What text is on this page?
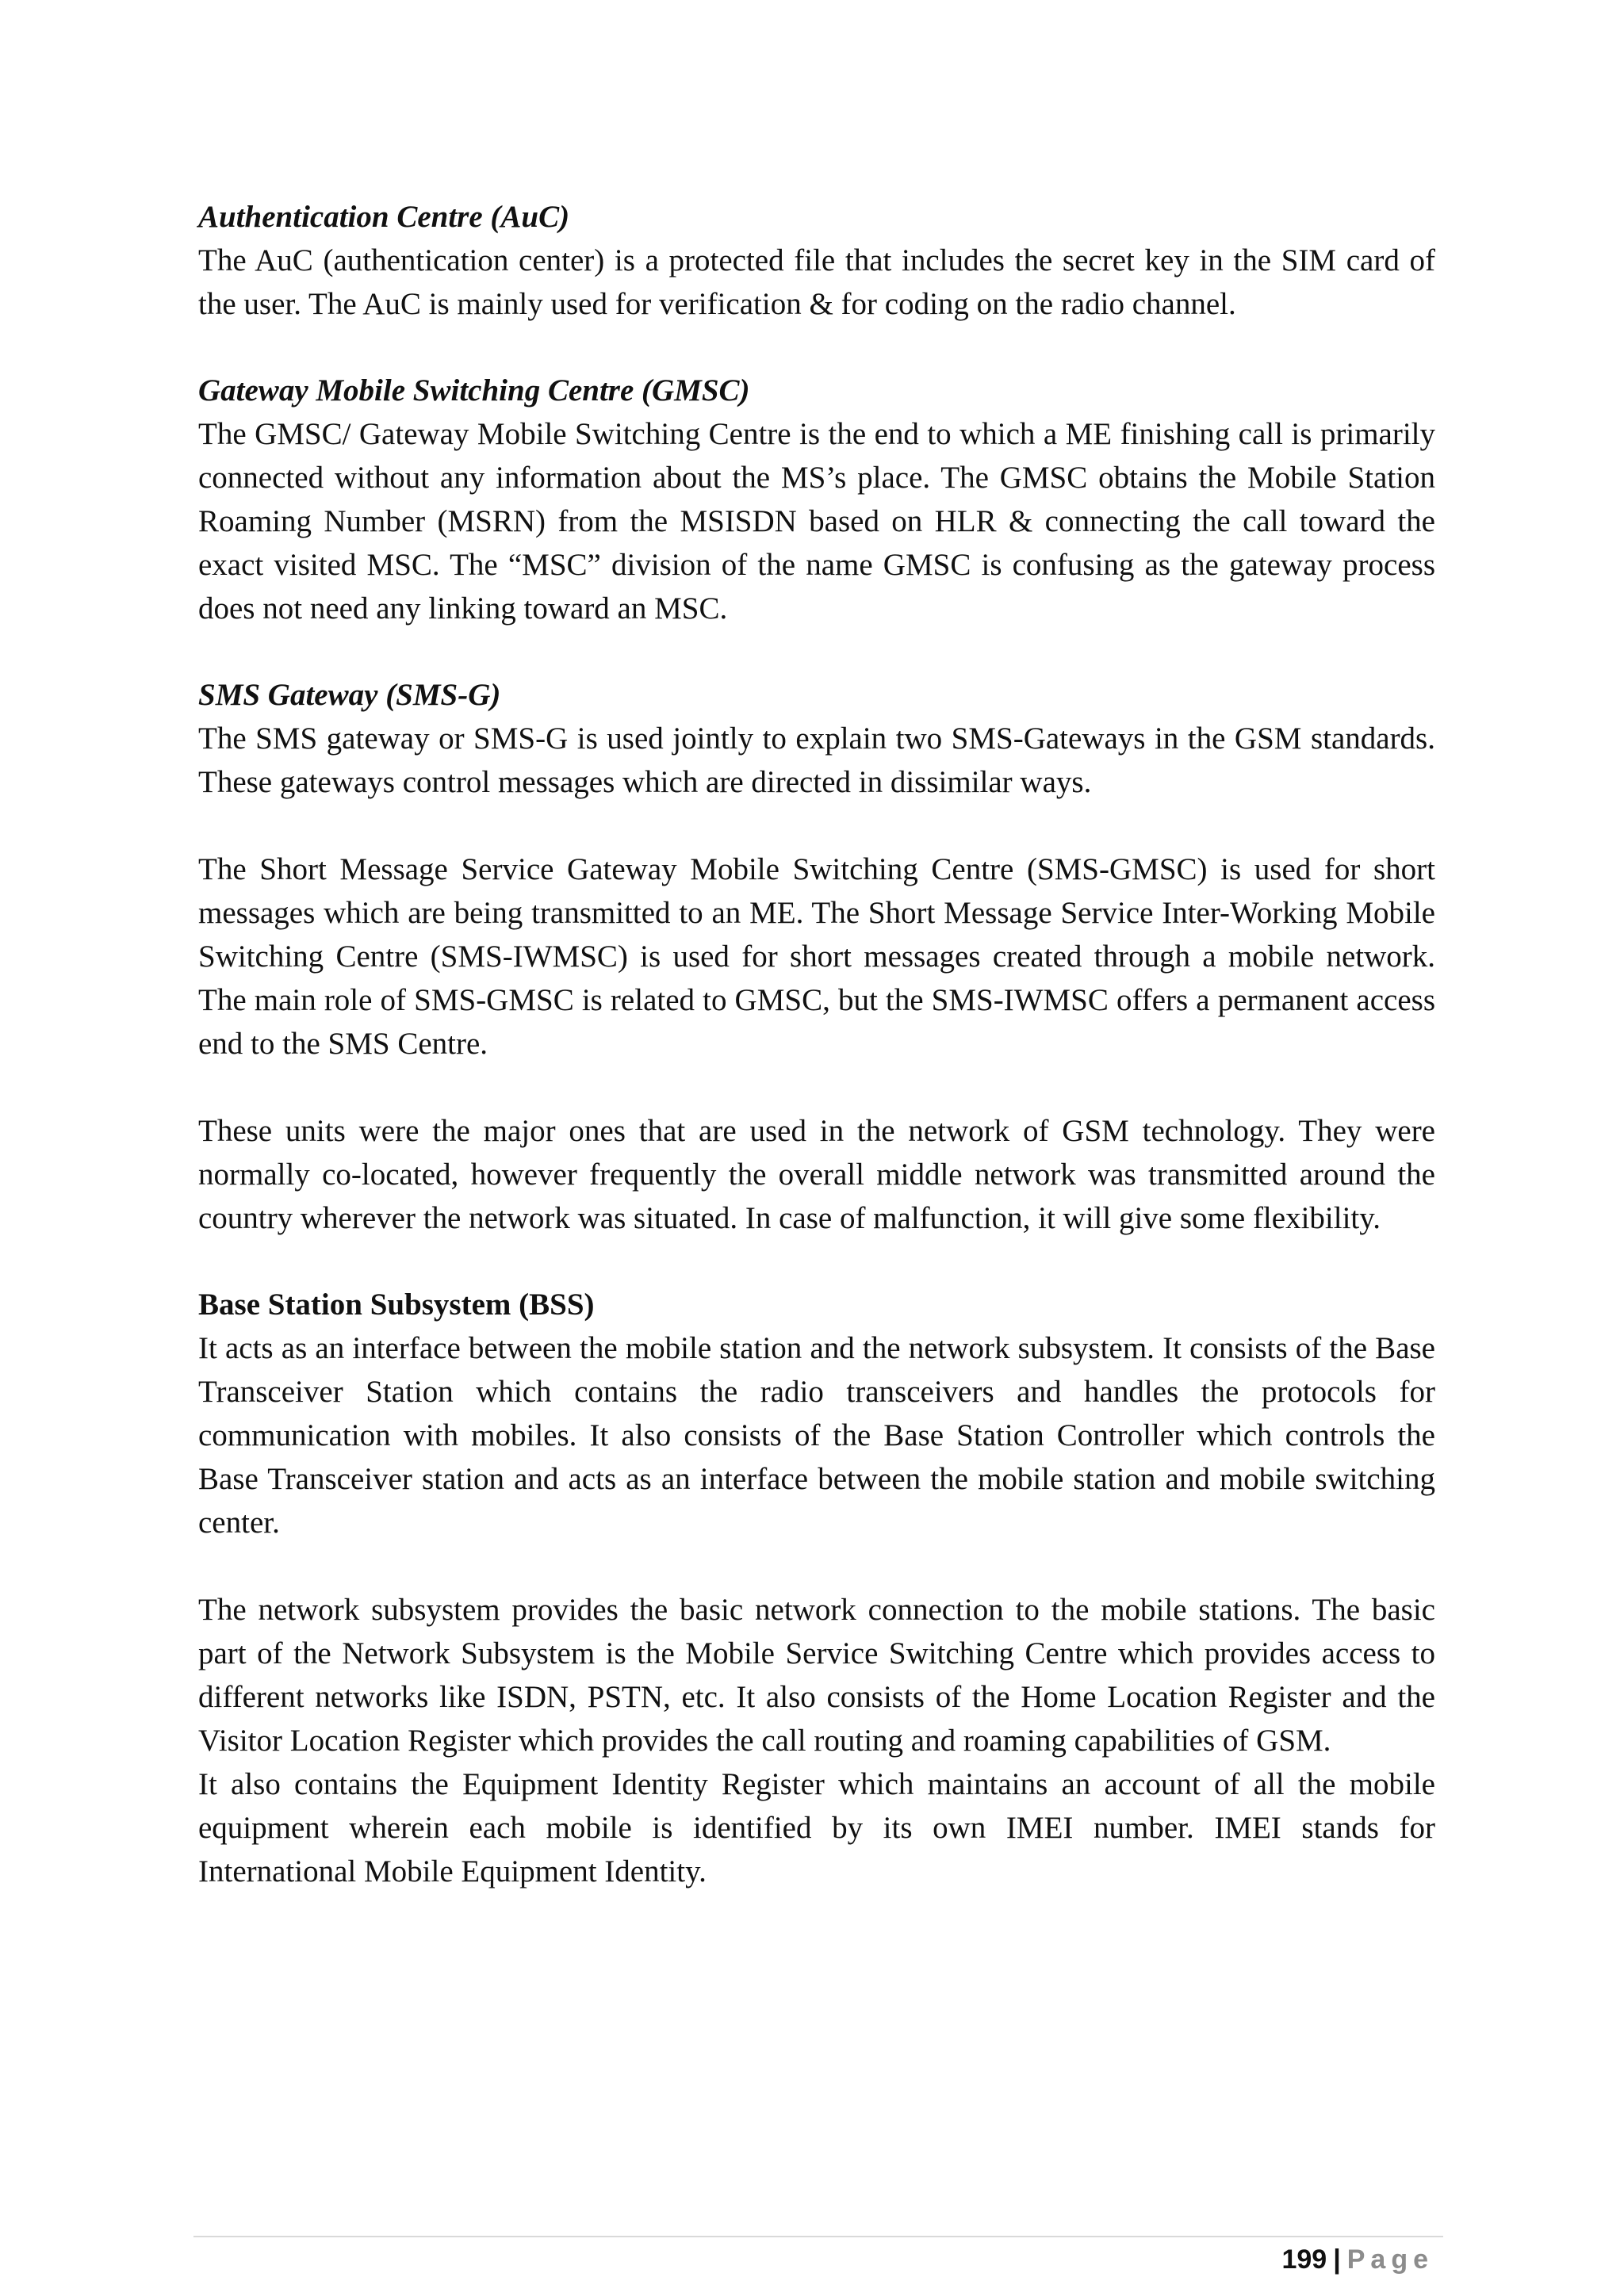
Authentication Centre (AuC)

The AuC (authentication center) is a protected file that includes the secret key in the SIM card of the user. The AuC is mainly used for verification & for coding on the radio channel.

Gateway Mobile Switching Centre (GMSC)

The GMSC/ Gateway Mobile Switching Centre is the end to which a ME finishing call is primarily connected without any information about the MS’s place. The GMSC obtains the Mobile Station Roaming Number (MSRN) from the MSISDN based on HLR & connecting the call toward the exact visited MSC. The “MSC” division of the name GMSC is confusing as the gateway process does not need any linking toward an MSC.

SMS Gateway (SMS-G)

The SMS gateway or SMS-G is used jointly to explain two SMS-Gateways in the GSM standards. These gateways control messages which are directed in dissimilar ways.

The Short Message Service Gateway Mobile Switching Centre (SMS-GMSC) is used for short messages which are being transmitted to an ME. The Short Message Service Inter-Working Mobile Switching Centre (SMS-IWMSC) is used for short messages created through a mobile network. The main role of SMS-GMSC is related to GMSC, but the SMS-IWMSC offers a permanent access end to the SMS Centre.

These units were the major ones that are used in the network of GSM technology. They were normally co-located, however frequently the overall middle network was transmitted around the country wherever the network was situated. In case of malfunction, it will give some flexibility.

Base Station Subsystem (BSS)

It acts as an interface between the mobile station and the network subsystem. It consists of the Base Transceiver Station which contains the radio transceivers and handles the protocols for communication with mobiles. It also consists of the Base Station Controller which controls the Base Transceiver station and acts as an interface between the mobile station and mobile switching center.

The network subsystem provides the basic network connection to the mobile stations. The basic part of the Network Subsystem is the Mobile Service Switching Centre which provides access to different networks like ISDN, PSTN, etc. It also consists of the Home Location Register and the Visitor Location Register which provides the call routing and roaming capabilities of GSM.

It also contains the Equipment Identity Register which maintains an account of all the mobile equipment wherein each mobile is identified by its own IMEI number. IMEI stands for International Mobile Equipment Identity.

199 | Page
